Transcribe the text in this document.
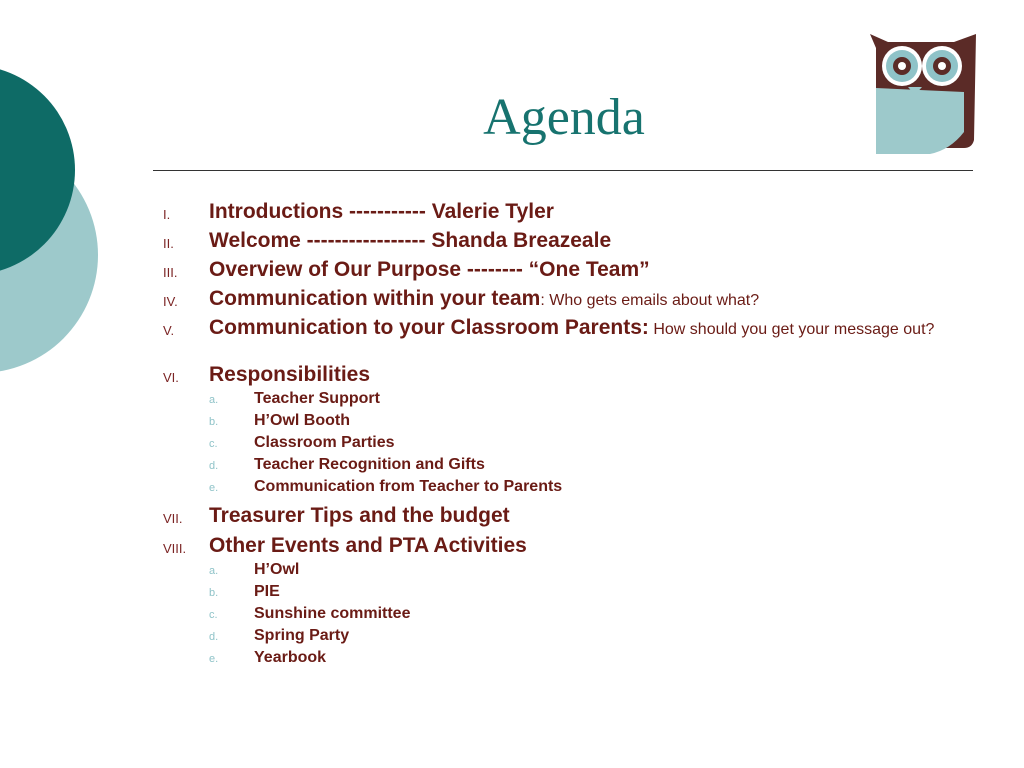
Agenda
I. Introductions ----------- Valerie Tyler
II. Welcome ----------------- Shanda Breazeale
III. Overview of Our Purpose -------- “One Team”
IV. Communication within your team: Who gets emails about what?
V. Communication to your Classroom Parents: How should you get your message out?
VI. Responsibilities
a. Teacher Support
b. H’Owl Booth
c. Classroom Parties
d. Teacher Recognition and Gifts
e. Communication from Teacher to Parents
VII. Treasurer Tips and the budget
VIII. Other Events and PTA Activities
a. H’Owl
b. PIE
c. Sunshine committee
d. Spring Party
e. Yearbook
